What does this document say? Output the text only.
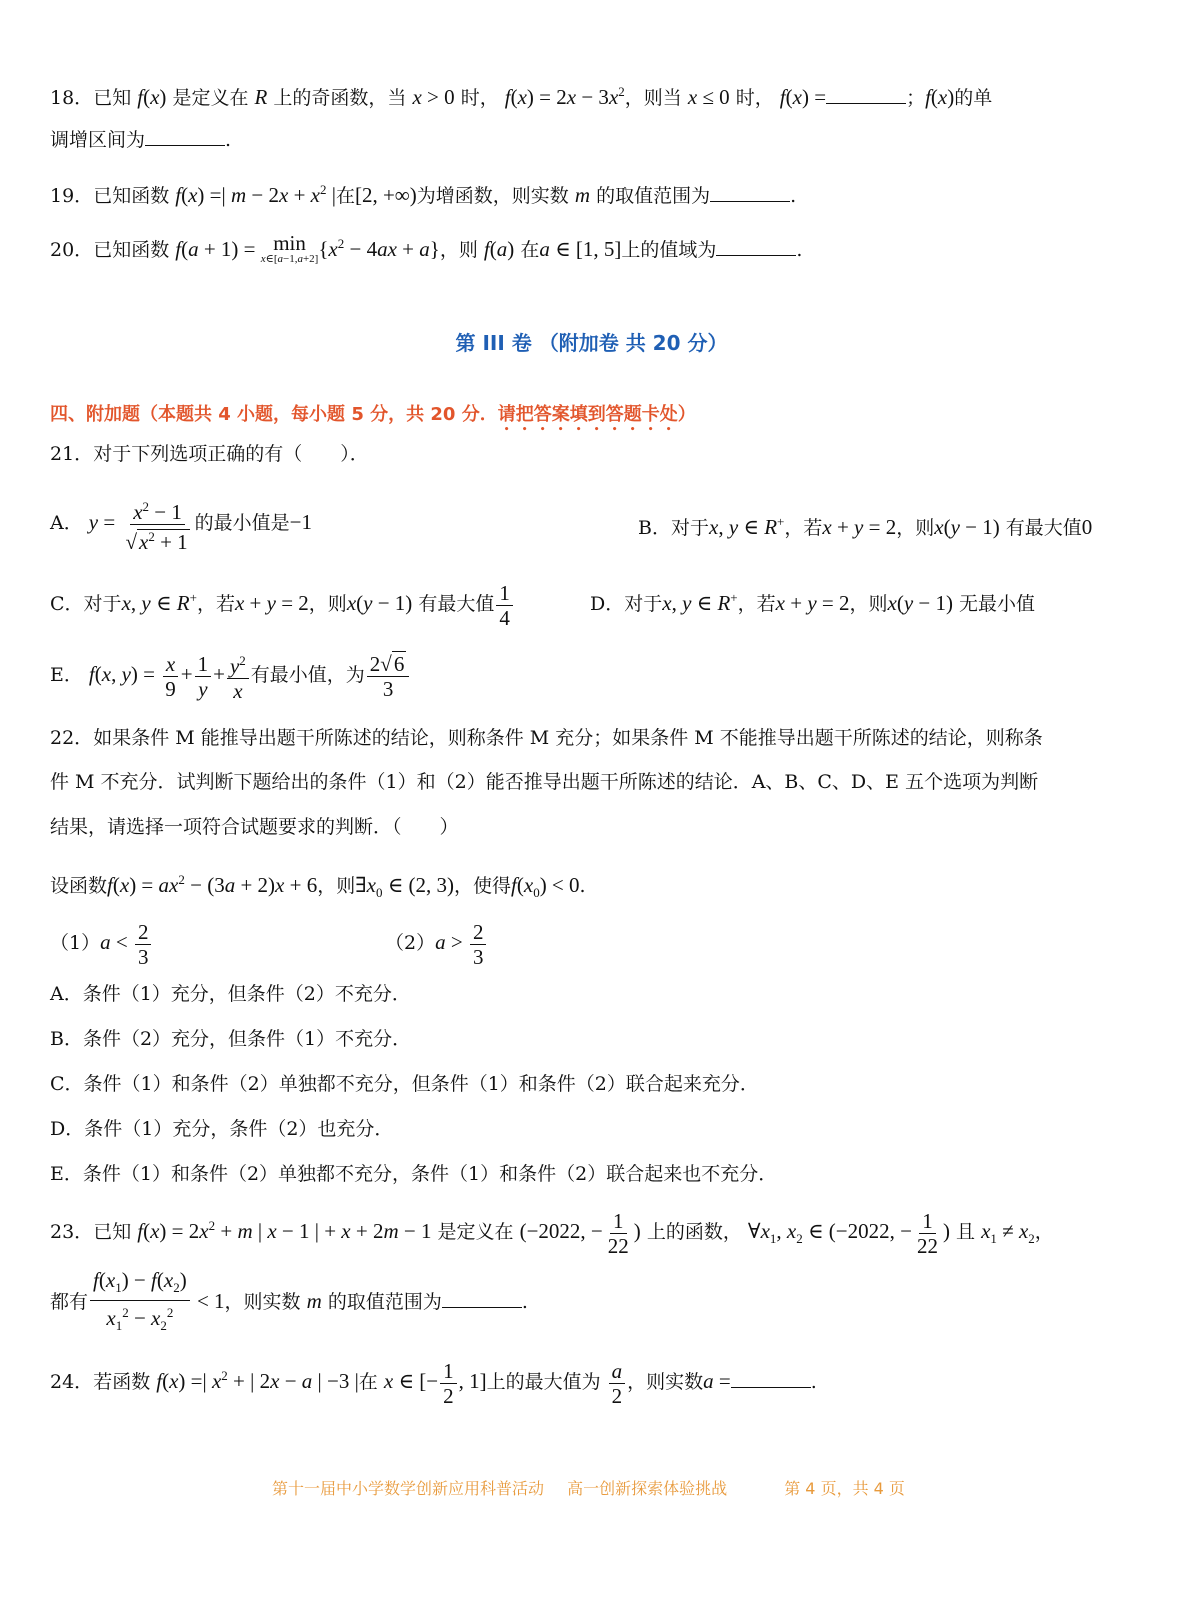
18．已知 f(x) 是定义在 R 上的奇函数，当 x > 0 时， $f(x) = 2x - 3x^2$，则当 x ≤ 0 时， f(x) =	；f(x)的单
调增区间为	.
19．已知函数 f(x) =| $m - 2x + x^2$ |在[2, +∞)为增函数，则实数 m 的取值范围为	.
20．已知函数 f(a + 1) = min
x∈[a−1,a+2] $\{x^2 - 4ax + a\}$，则 f(a) 在a ∈ [1, 5]上的值域为	.
第 III 卷 （附加卷 共 20 分）
四、附加题（本题共 4 小题，每小题 5 分，共 20 分．请把答案填到答题卡处）
21．对于下列选项正确的有（　　）．
A． $y = \frac{x^2 - 1}{√x^2 + 1}$ 的最小值是−1	B．对于x, y ∈ R+，若x + y = 2，则x(y − 1) 有最大值0
C．对于x, y ∈ R+，若x + y = 2，则x(y − 1) 有最大值 $\frac{1}{4}$	D．对于x, y ∈ R+，若x + y = 2，则x(y − 1) 无最小值
E． f(x, $y) = \frac{x}{9} + \frac{1}{y} + \frac{y^2}{x}$ 有最小值，为 $\frac{2√6}{3}$
22．如果条件 M 能推导出题干所陈述的结论，则称条件 M 充分；如果条件 M 不能推导出题干所陈述的结论，则称条
件 M 不充分．试判断下题给出的条件（1）和（2）能否推导出题干所陈述的结论．A、B、C、D、E 五个选项为判断
结果，请选择一项符合试题要求的判断．（　　）
设函数$f(x) = ax^2 - (3a + 2)x + 6$，则$\exists x_0$ ∈ (2, 3)，使得$f(x_0) < 0$.
$(1)a < \frac{2}{3}$	$(2)a > \frac{2}{3}$
A．条件（1）充分，但条件（2）不充分．
B．条件（2）充分，但条件（1）不充分．
C．条件（1）和条件（2）单独都不充分，但条件（1）和条件（2）联合起来充分．
D．条件（1）充分，条件（2）也充分．
E．条件（1）和条件（2）单独都不充分，条件（1）和条件（2）联合起来也不充分．
23．已知 $f(x) = 2x^2 + m$ | x − 1 | + x + 2m − 1 是定义在 (−2022, − $\frac{1}{22}$ ) 上的函数， $\forall x_1$, $x_2$ ∈ (−2022, − $\frac{1}{22}$ ) 且 $x_1 \ne x_2$，
都有 $\frac{f(x_1) - f(x_2)}{x_1^2 - x_2^2} < 1$，则实数 m 的取值范围为	.
24．若函数 f(x) =| $x^2$ + | 2x − a | −3 |在 x ∈ [− $\frac{1}{2}$ , 1]上的最大值为 $\frac{a}{2}$ ，则实数a =	.
第十一届中小学数学创新应用科普活动 高一创新探索体验挑战	第 4 页，共 4 页
